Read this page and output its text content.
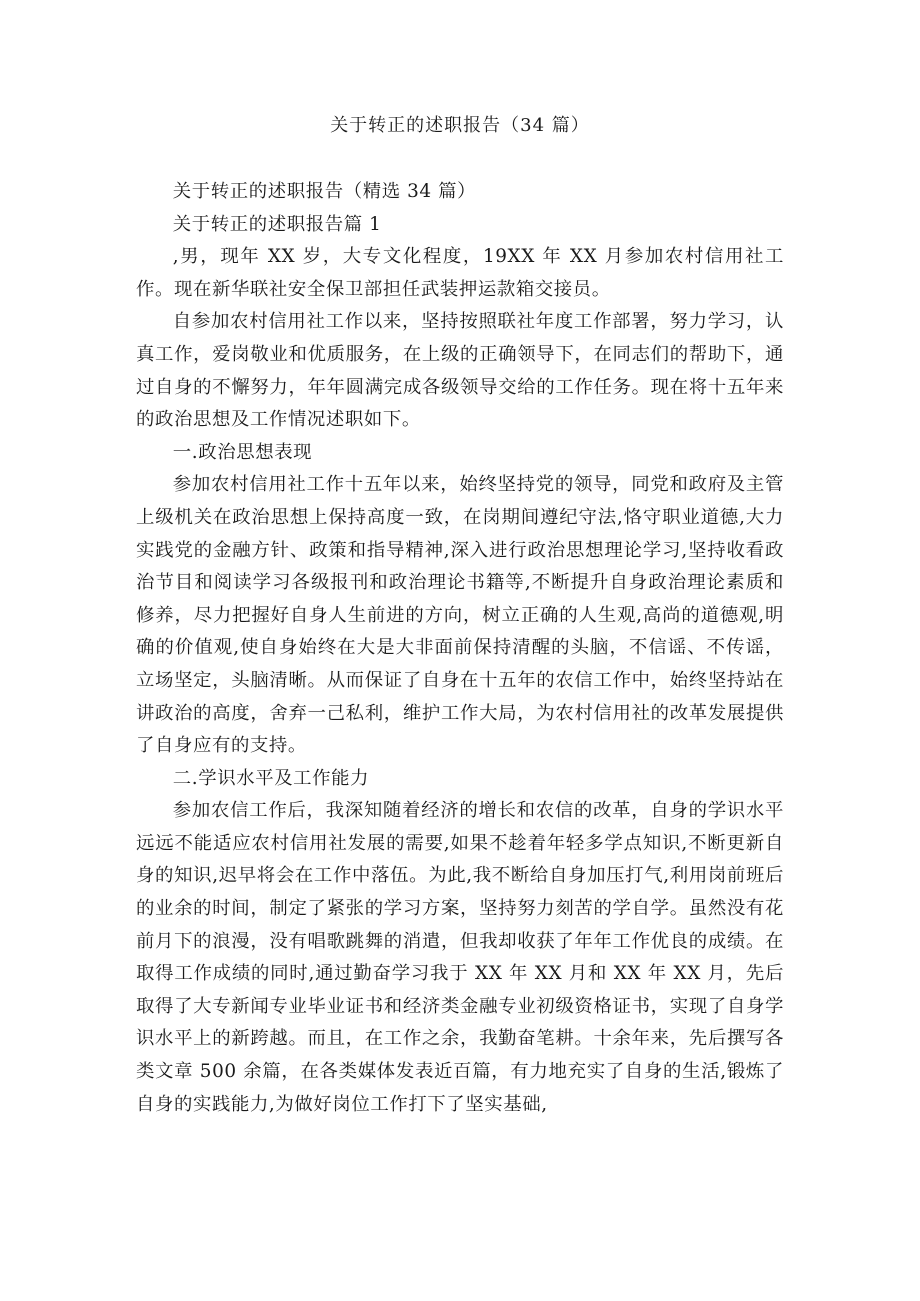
关于转正的述职报告（34 篇）

关于转正的述职报告（精选 34 篇）

关于转正的述职报告篇 1

,男，现年 XX 岁，大专文化程度，19XX 年 XX 月参加农村信用社工作。现在新华联社安全保卫部担任武装押运款箱交接员。

自参加农村信用社工作以来，坚持按照联社年度工作部署，努力学习，认真工作，爱岗敬业和优质服务，在上级的正确领导下，在同志们的帮助下，通过自身的不懈努力，年年圆满完成各级领导交给的工作任务。现在将十五年来的政治思想及工作情况述职如下。

一.政治思想表现

参加农村信用社工作十五年以来，始终坚持党的领导，同党和政府及主管上级机关在政治思想上保持高度一致，在岗期间遵纪守法,恪守职业道德,大力实践党的金融方针、政策和指导精神,深入进行政治思想理论学习,坚持收看政治节目和阅读学习各级报刊和政治理论书籍等,不断提升自身政治理论素质和修养，尽力把握好自身人生前进的方向，树立正确的人生观,高尚的道德观,明确的价值观,使自身始终在大是大非面前保持清醒的头脑，不信谣、不传谣，立场坚定，头脑清晰。从而保证了自身在十五年的农信工作中，始终坚持站在讲政治的高度，舍弃一己私利，维护工作大局，为农村信用社的改革发展提供了自身应有的支持。

二.学识水平及工作能力

参加农信工作后，我深知随着经济的增长和农信的改革，自身的学识水平远远不能适应农村信用社发展的需要,如果不趁着年轻多学点知识,不断更新自身的知识,迟早将会在工作中落伍。为此,我不断给自身加压打气,利用岗前班后的业余的时间，制定了紧张的学习方案，坚持努力刻苦的学自学。虽然没有花前月下的浪漫，没有唱歌跳舞的消遣，但我却收获了年年工作优良的成绩。在取得工作成绩的同时,通过勤奋学习我于 XX 年 XX 月和 XX 年 XX 月，先后取得了大专新闻专业毕业证书和经济类金融专业初级资格证书，实现了自身学识水平上的新跨越。而且，在工作之余，我勤奋笔耕。十余年来，先后撰写各类文章 500 余篇，在各类媒体发表近百篇，有力地充实了自身的生活,锻炼了自身的实践能力,为做好岗位工作打下了坚实基础,
